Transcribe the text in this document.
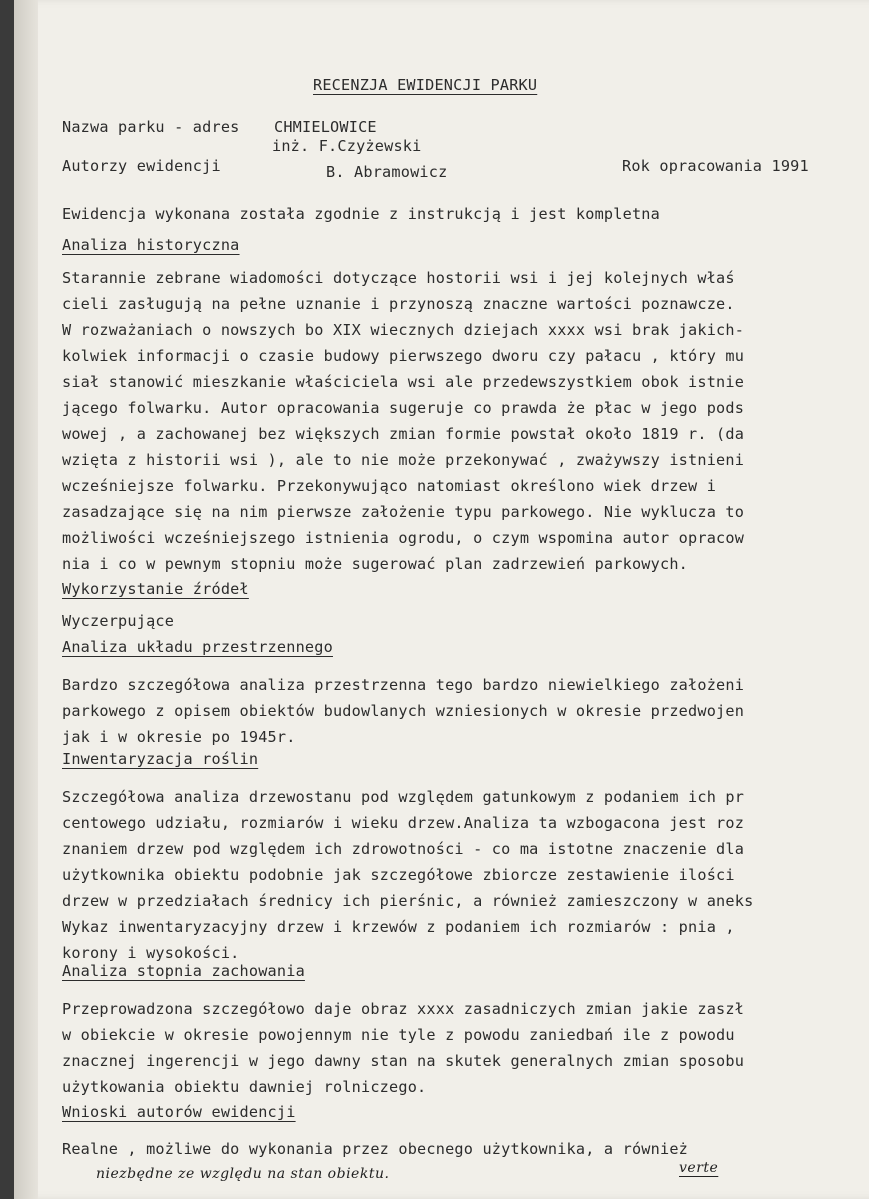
RECENZJA EWIDENCJI PARKU
Nazwa parku - adres CHMIELOWICE
inż. F.Czyżewski
Autorzy ewidencji	B. Abramowicz	Rok opracowania 1991
Ewidencja wykonana została zgodnie z instrukcją i jest kompletna
Analiza historyczna
Starannie zebrane wiadomości dotyczące hostorii wsi i jej kolejnych właś
cieli zasługują na pełne uznanie i przynoszą znaczne wartości poznawcze.
W rozważaniach o nowszych bo XIX wiecznych dziejach xxxx wsi brak jakich-
kolwiek informacji o czasie budowy pierwszego dworu czy pałacu , który mu
siał stanowić mieszkanie właściciela wsi ale przedewszystkiem obok istnie
jącego folwarku. Autor opracowania sugeruje co prawda że płac w jego pods
wowej , a zachowanej bez większych zmian formie powstał około 1819 r. (da
wzięta z historii wsi ), ale to nie może przekonywać , zważywszy istnieni
wcześniejsze folwarku. Przekonywująco natomiast określono wiek drzew i
zasadzające się na nim pierwsze założenie typu parkowego. Nie wyklucza to
możliwości wcześniejszego istnienia ogrodu, o czym wspomina autor opracow
nia i co w pewnym stopniu może sugerować plan zadrzewień parkowych.
Wykorzystanie źródeł
Wyczerpujące
Analiza układu przestrzennego
Bardzo szczegółowa analiza przestrzenna tego bardzo niewielkiego założeni
parkowego z opisem obiektów budowlanych wzniesionych w okresie przedwojen
jak i w okresie po 1945r.
Inwentaryzacja roślin
Szczegółowa analiza drzewostanu pod względem gatunkowym z podaniem ich pr
centowego udziału, rozmiarów i wieku drzew.Analiza ta wzbogacona jest roz
znaniem drzew pod względem ich zdrowotności - co ma istotne znaczenie dla
użytkownika obiektu podobnie jak szczegółowe zbiorcze zestawienie ilości
drzew w przedziałach średnicy ich pierśnic, a również zamieszczony w aneks
Wykaz inwentaryzacyjny drzew i krzewów z podaniem ich rozmiarów : pnia ,
korony i wysokości.
Analiza stopnia zachowania
Przeprowadzona szczegółowo daje obraz xxxx zasadniczych zmian jakie zaszł
w obiekcie w okresie powojennym nie tyle z powodu zaniedbań ile z powodu
znacznej ingerencji w jego dawny stan na skutek generalnych zmian sposobu
użytkowania obiektu dawniej rolniczego.
Wnioski autorów ewidencji
Realne , możliwe do wykonania przez obecnego użytkownika, a również
niezbędne ze względu na stan obiektu.	verte
